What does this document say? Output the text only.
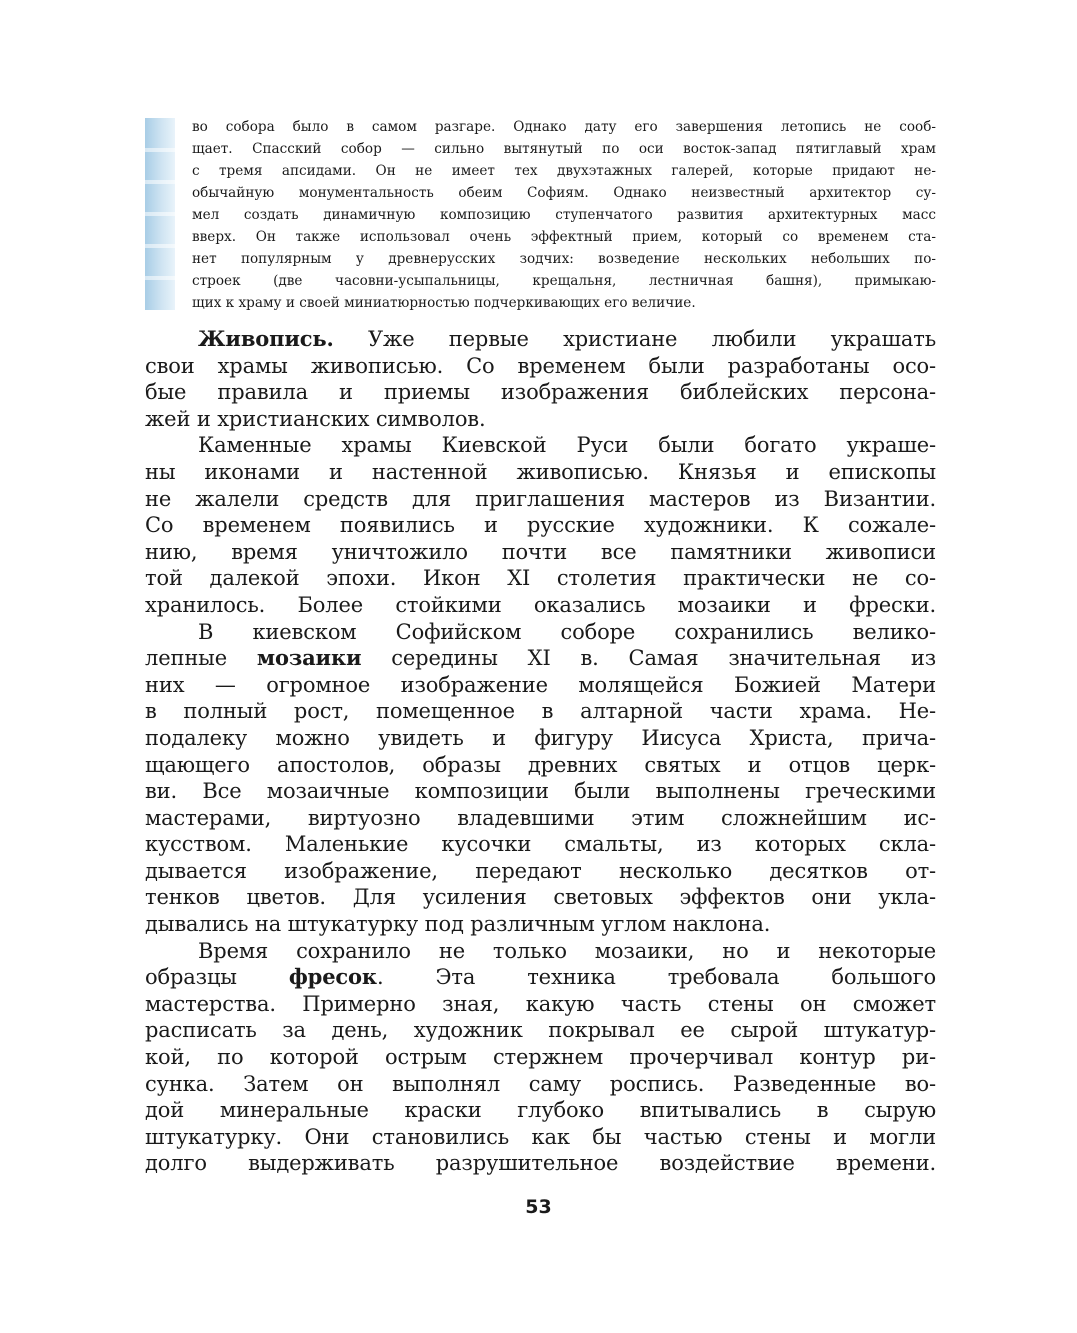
во собора было в самом разгаре. Однако дату его завершения летопись не сооб-
щает. Спасский собор — сильно вытянутый по оси восток-запад пятиглавый храм
с тремя апсидами. Он не имеет тех двухэтажных галерей, которые придают не-
обычайную монументальность обеим Софиям. Однако неизвестный архитектор су-
мел создать динамичную композицию ступенчатого развития архитектурных масс
вверх. Он также использовал очень эффектный прием, который со временем ста-
нет популярным у древнерусских зодчих: возведение нескольких небольших по-
строек (две часовни-усыпальницы, крещальня, лестничная башня), примыкаю-
щих к храму и своей миниатюрностью подчеркивающих его величие.
Живопись. Уже первые христиане любили украшать
свои храмы живописью. Со временем были разработаны осо-
бые правила и приемы изображения библейских персона-
жей и христианских символов.
Каменные храмы Киевской Руси были богато украше-
ны иконами и настенной живописью. Князья и епископы
не жалели средств для приглашения мастеров из Византии.
Со временем появились и русские художники. К сожале-
нию, время уничтожило почти все памятники живописи
той далекой эпохи. Икон XI столетия практически не со-
хранилось. Более стойкими оказались мозаики и фрески.
В киевском Софийском соборе сохранились велико-
лепные мозаики середины XI в. Самая значительная из
них — огромное изображение молящейся Божией Матери
в полный рост, помещенное в алтарной части храма. Не-
подалеку можно увидеть и фигуру Иисуса Христа, прича-
щающего апостолов, образы древних святых и отцов церк-
ви. Все мозаичные композиции были выполнены греческими
мастерами, виртуозно владевшими этим сложнейшим ис-
кусством. Маленькие кусочки смальты, из которых скла-
дывается изображение, передают несколько десятков от-
тенков цветов. Для усиления световых эффектов они укла-
дывались на штукатурку под различным углом наклона.
Время сохранило не только мозаики, но и некоторые
образцы фресок. Эта техника требовала большого
мастерства. Примерно зная, какую часть стены он сможет
расписать за день, художник покрывал ее сырой штукатур-
кой, по которой острым стержнем прочерчивал контур ри-
сунка. Затем он выполнял саму роспись. Разведенные во-
дой минеральные краски глубоко впитывались в сырую
штукатурку. Они становились как бы частью стены и могли
долго выдерживать разрушительное воздействие времени.
53
